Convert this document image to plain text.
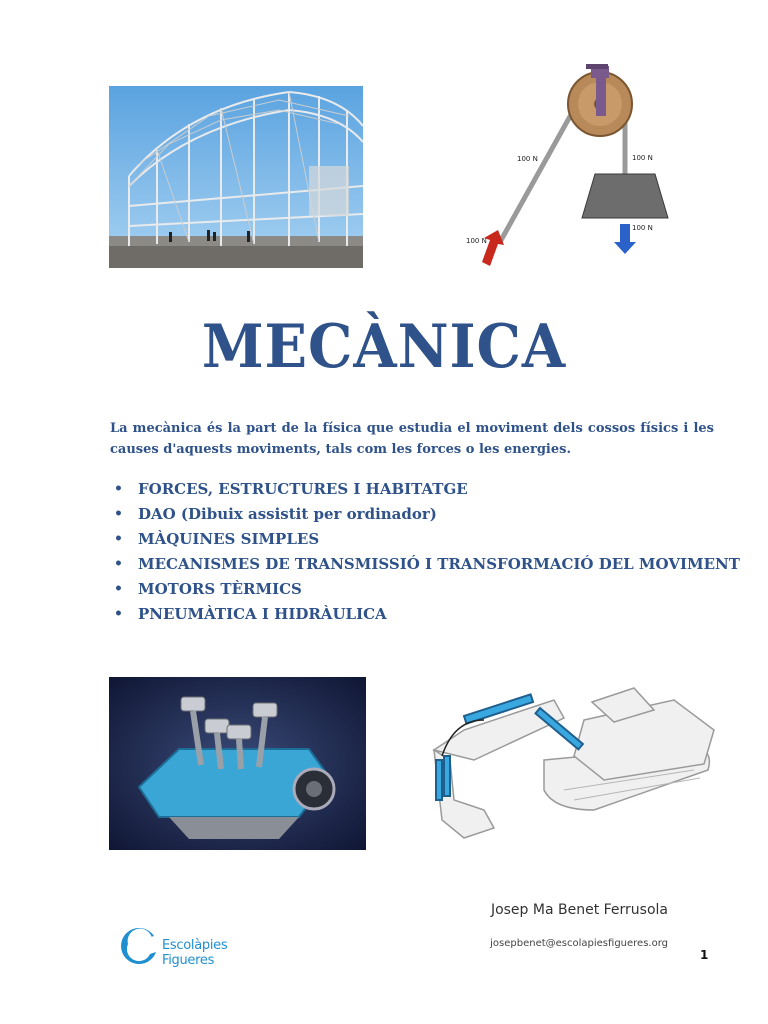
100 N	100 N
100 N
100 N
MECÀNICA
La mecànica és la part de la física que estudia el moviment dels cossos físics i les causes d'aquests moviments, tals com les forces o les energies.
• FORCES, ESTRUCTURES I HABITATGE
• DAO (Dibuix assistit per ordinador)
• MÀQUINES SIMPLES
• MECANISMES DE TRANSMISSIÓ I TRANSFORMACIÓ DEL MOVIMENT
• MOTORS TÈRMICS
• PNEUMÀTICA I HIDRÀULICA
Josep Ma Benet Ferrusola
josepbenet@escolapiesfigueres.org
1
Escolàpies
Figueres
